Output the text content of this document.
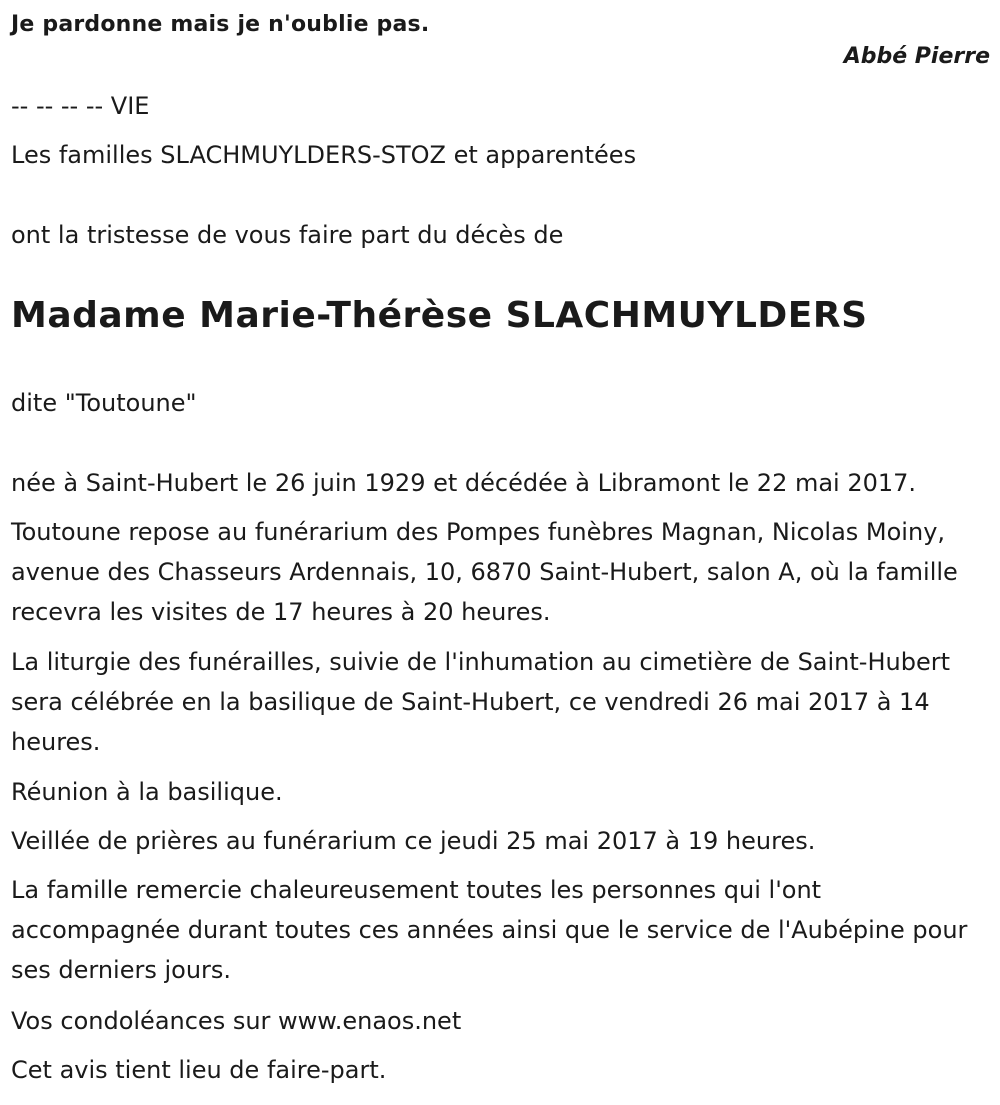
Je pardonne mais je n'oublie pas.
Abbé Pierre
-- -- -- -- VIE
Les familles SLACHMUYLDERS-STOZ et apparentées
ont la tristesse de vous faire part du décès de
Madame Marie-Thérèse SLACHMUYLDERS
dite "Toutoune"
née à Saint-Hubert le 26 juin 1929 et décédée à Libramont le 22 mai 2017.
Toutoune repose au funérarium des Pompes funèbres Magnan, Nicolas Moiny, avenue des Chasseurs Ardennais, 10, 6870 Saint-Hubert, salon A, où la famille recevra les visites de 17 heures à 20 heures.
La liturgie des funérailles, suivie de l'inhumation au cimetière de Saint-Hubert sera célébrée en la basilique de Saint-Hubert, ce vendredi 26 mai 2017 à 14 heures.
Réunion à la basilique.
Veillée de prières au funérarium ce jeudi 25 mai 2017 à 19 heures.
La famille remercie chaleureusement toutes les personnes qui l'ont accompagnée durant toutes ces années ainsi que le service de l'Aubépine pour ses derniers jours.
Vos condoléances sur www.enaos.net
Cet avis tient lieu de faire-part.
